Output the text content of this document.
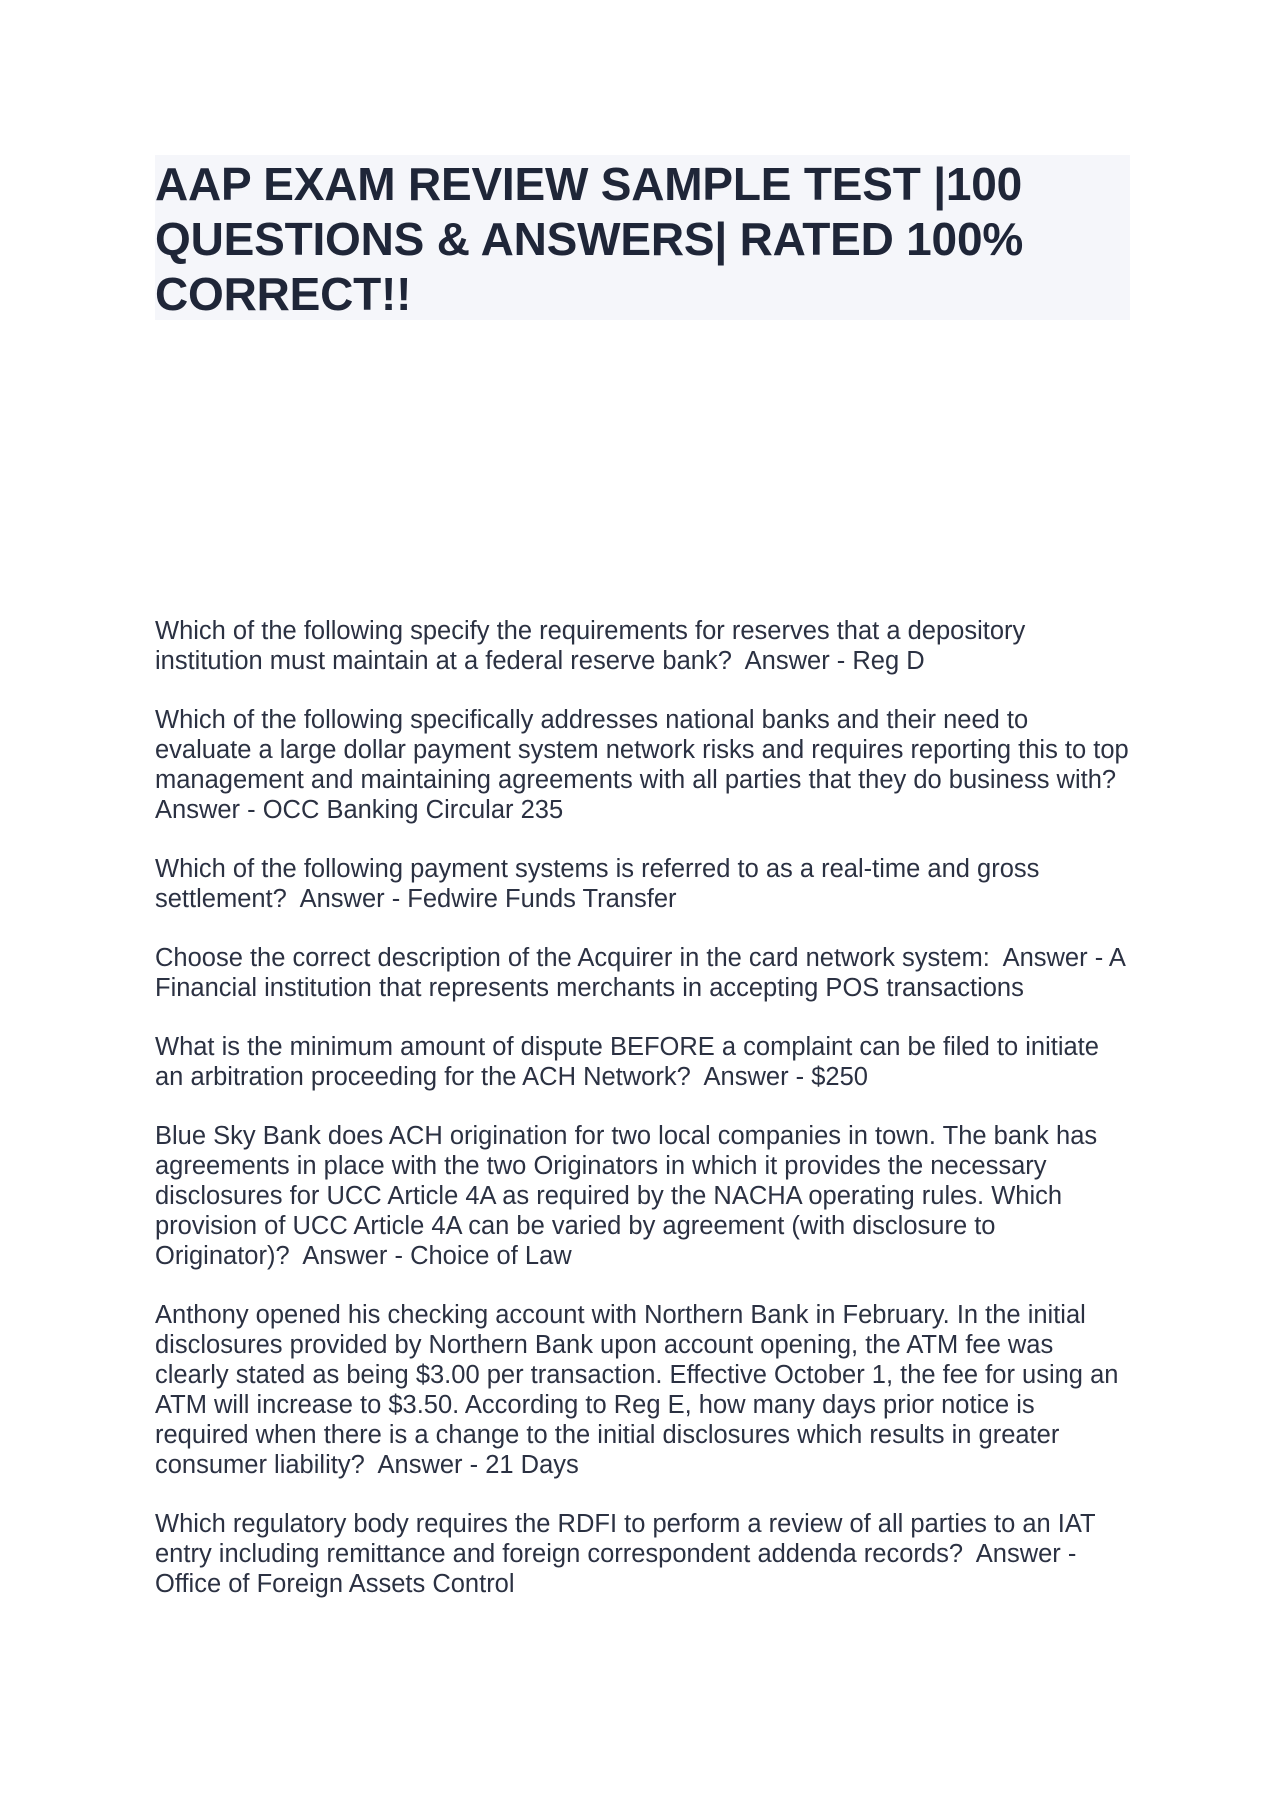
AAP EXAM REVIEW SAMPLE TEST |100 QUESTIONS & ANSWERS| RATED 100% CORRECT!!

Which of the following specify the requirements for reserves that a depository institution must maintain at a federal reserve bank?  Answer - Reg D

Which of the following specifically addresses national banks and their need to evaluate a large dollar payment system network risks and requires reporting this to top management and maintaining agreements with all parties that they do business with?  Answer - OCC Banking Circular 235

Which of the following payment systems is referred to as a real-time and gross settlement?  Answer - Fedwire Funds Transfer

Choose the correct description of the Acquirer in the card network system:  Answer - A Financial institution that represents merchants in accepting POS transactions

What is the minimum amount of dispute BEFORE a complaint can be filed to initiate an arbitration proceeding for the ACH Network?  Answer - $250

Blue Sky Bank does ACH origination for two local companies in town. The bank has agreements in place with the two Originators in which it provides the necessary disclosures for UCC Article 4A as required by the NACHA operating rules. Which provision of UCC Article 4A can be varied by agreement (with disclosure to Originator)?  Answer - Choice of Law

Anthony opened his checking account with Northern Bank in February. In the initial disclosures provided by Northern Bank upon account opening, the ATM fee was clearly stated as being $3.00 per transaction. Effective October 1, the fee for using an ATM will increase to $3.50. According to Reg E, how many days prior notice is required when there is a change to the initial disclosures which results in greater consumer liability?  Answer - 21 Days

Which regulatory body requires the RDFI to perform a review of all parties to an IAT entry including remittance and foreign correspondent addenda records?  Answer - Office of Foreign Assets Control
